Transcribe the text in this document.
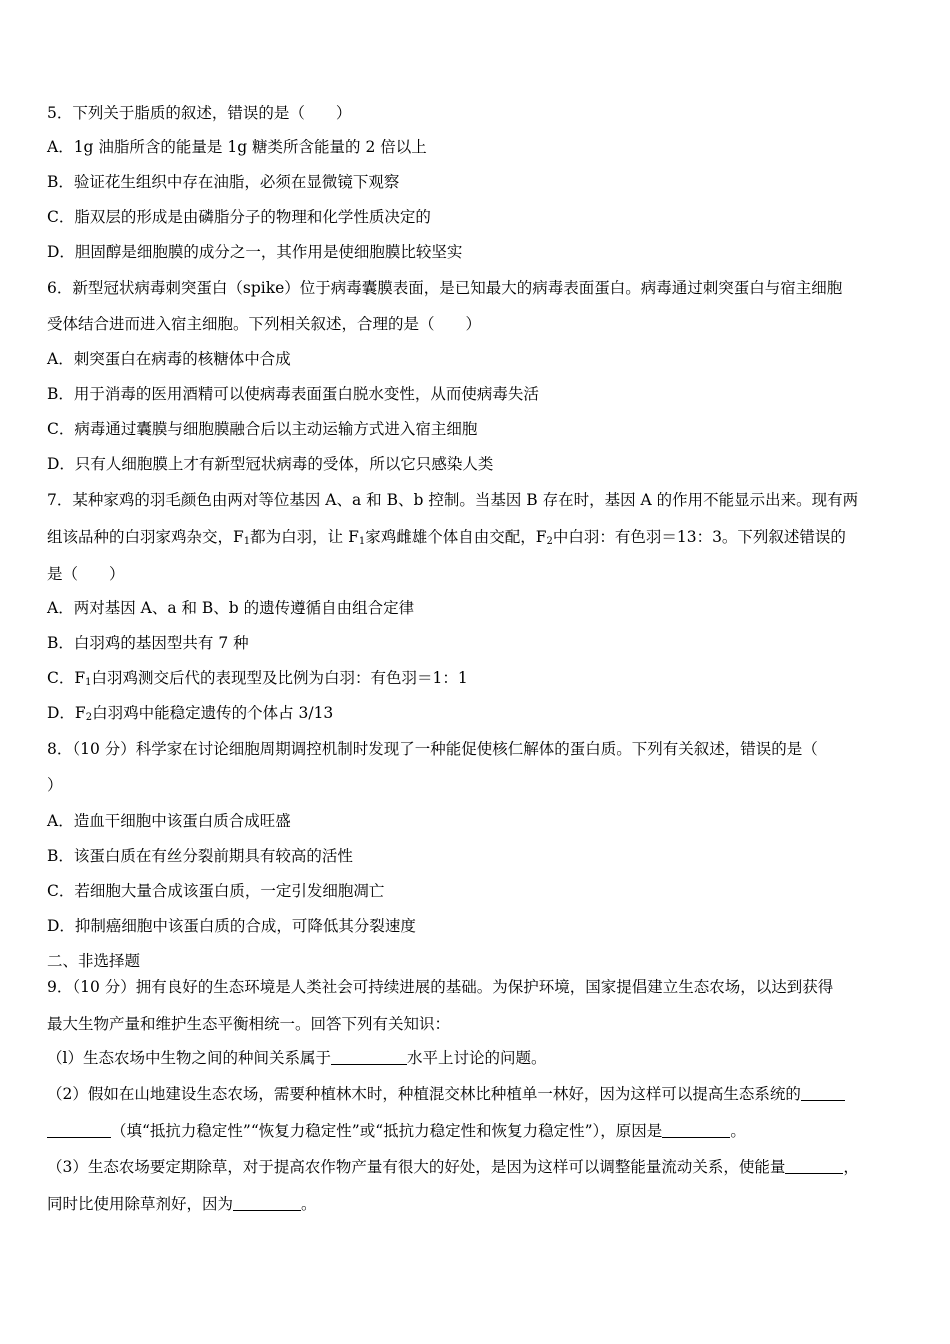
5．下列关于脂质的叙述，错误的是（　　）
A．1g 油脂所含的能量是 1g 糖类所含能量的 2 倍以上
B．验证花生组织中存在油脂，必须在显微镜下观察
C．脂双层的形成是由磷脂分子的物理和化学性质决定的
D．胆固醇是细胞膜的成分之一，其作用是使细胞膜比较坚实
6．新型冠状病毒刺突蛋白（spike）位于病毒囊膜表面，是已知最大的病毒表面蛋白。病毒通过刺突蛋白与宿主细胞
受体结合进而进入宿主细胞。下列相关叙述，合理的是（　　）
A．刺突蛋白在病毒的核糖体中合成
B．用于消毒的医用酒精可以使病毒表面蛋白脱水变性，从而使病毒失活
C．病毒通过囊膜与细胞膜融合后以主动运输方式进入宿主细胞
D．只有人细胞膜上才有新型冠状病毒的受体，所以它只感染人类
7．某种家鸡的羽毛颜色由两对等位基因 A、a 和 B、b 控制。当基因 B 存在时，基因 A 的作用不能显示出来。现有两
组该品种的白羽家鸡杂交，$F_1$都为白羽，让 $F_1$家鸡雌雄个体自由交配，$F_2$中白羽：有色羽＝13：3。下列叙述错误的
是（　　）
A．两对基因 A、a 和 B、b 的遗传遵循自由组合定律
B．白羽鸡的基因型共有 7 种
C．$F_1$白羽鸡测交后代的表现型及比例为白羽：有色羽＝1：1
D．$F_2$白羽鸡中能稳定遗传的个体占 3/13
8．（10 分）科学家在讨论细胞周期调控机制时发现了一种能促使核仁解体的蛋白质。下列有关叙述，错误的是（
）
A．造血干细胞中该蛋白质合成旺盛
B．该蛋白质在有丝分裂前期具有较高的活性
C．若细胞大量合成该蛋白质，一定引发细胞凋亡
D．抑制癌细胞中该蛋白质的合成，可降低其分裂速度
二、非选择题
9．（10 分）拥有良好的生态环境是人类社会可持续进展的基础。为保护环境，国家提倡建立生态农场，以达到获得
最大生物产量和维护生态平衡相统一。回答下列有关知识：
（l）生态农场中生物之间的种间关系属于	水平上讨论的问题。
（2）假如在山地建设生态农场，需要种植林木时，种植混交林比种植单一林好，因为这样可以提高生态系统的
（填“抵抗力稳定性”“恢复力稳定性”或“抵抗力稳定性和恢复力稳定性”），原因是	。
（3）生态农场要定期除草，对于提高农作物产量有很大的好处，是因为这样可以调整能量流动关系，使能量	，
同时比使用除草剂好，因为	。
